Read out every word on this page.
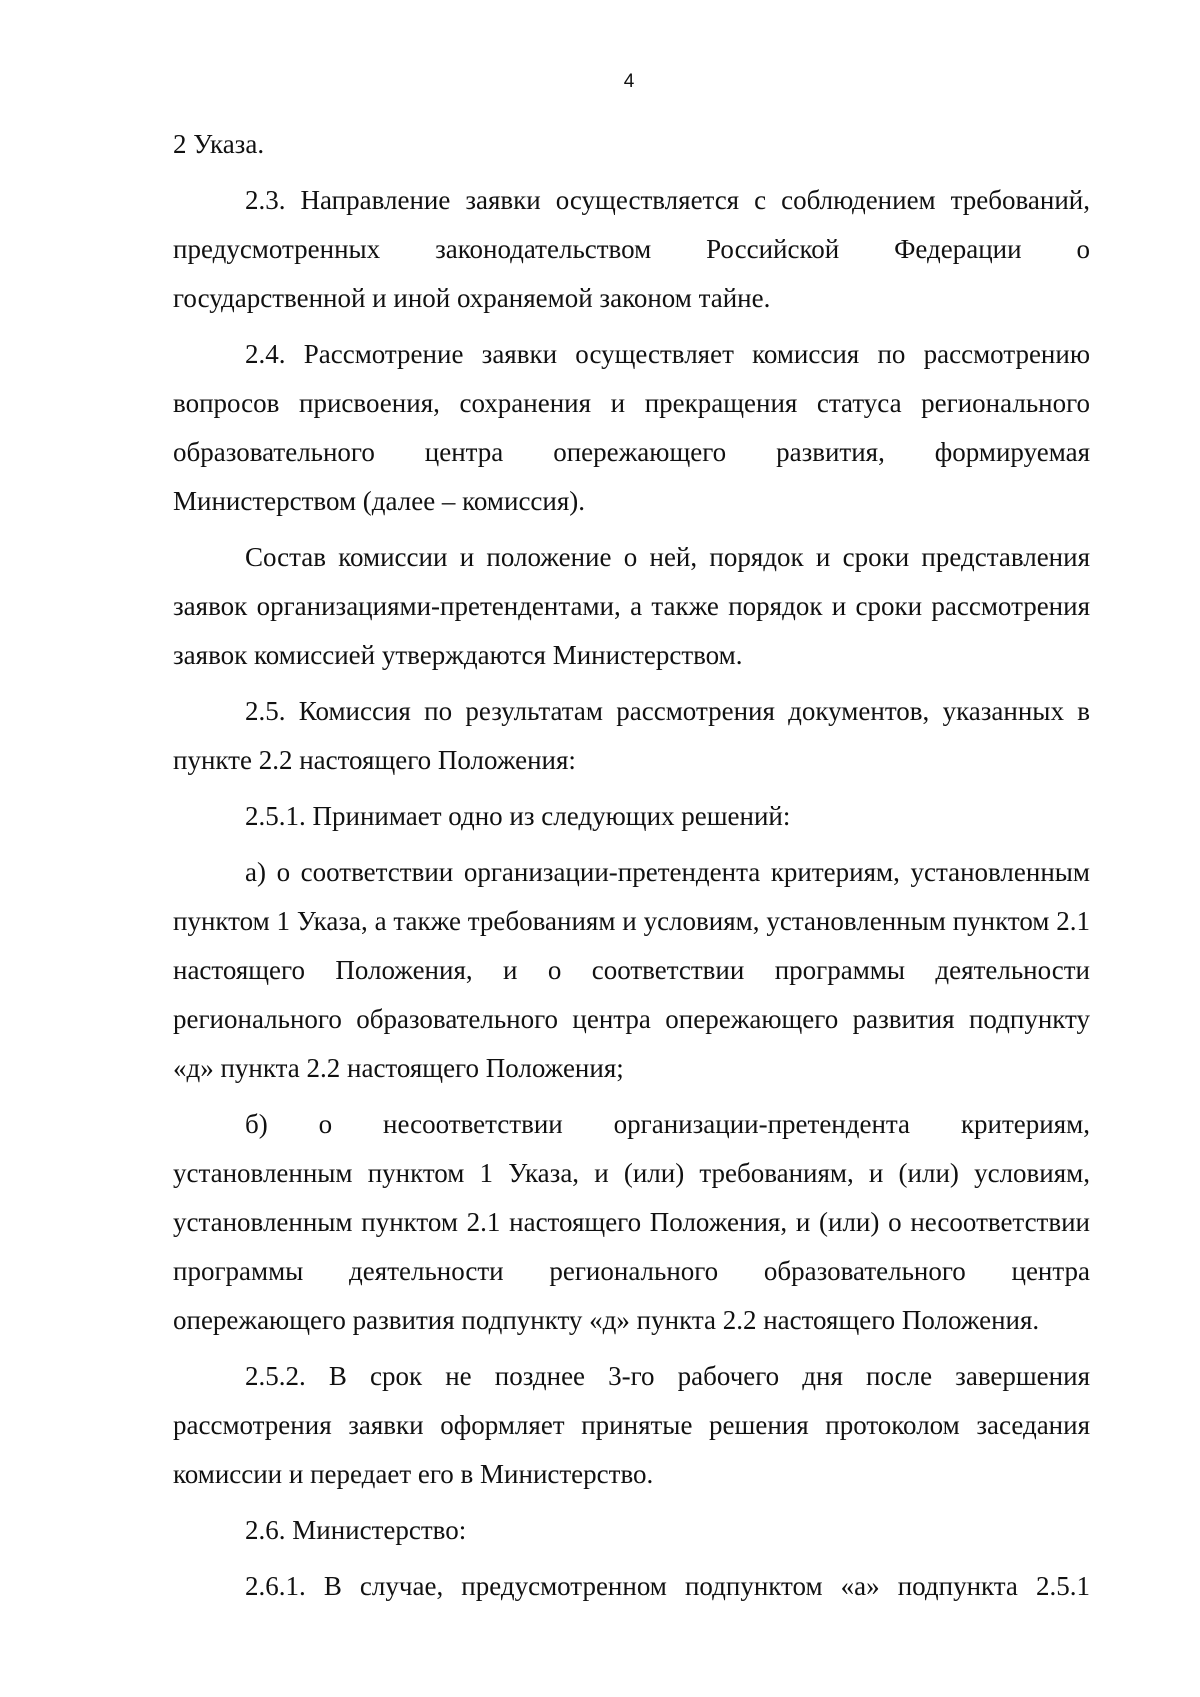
4

2 Указа.

2.3. Направление заявки осуществляется с соблюдением требований, предусмотренных законодательством Российской Федерации о государственной и иной охраняемой законом тайне.

2.4. Рассмотрение заявки осуществляет комиссия по рассмотрению вопросов присвоения, сохранения и прекращения статуса регионального образовательного центра опережающего развития, формируемая Министерством (далее – комиссия).

Состав комиссии и положение о ней, порядок и сроки представления заявок организациями-претендентами, а также порядок и сроки рассмотрения заявок комиссией утверждаются Министерством.

2.5. Комиссия по результатам рассмотрения документов, указанных в пункте 2.2 настоящего Положения:

2.5.1. Принимает одно из следующих решений:

а) о соответствии организации-претендента критериям, установленным пунктом 1 Указа, а также требованиям и условиям, установленным пунктом 2.1 настоящего Положения, и о соответствии программы деятельности регионального образовательного центра опережающего развития подпункту «д» пункта 2.2 настоящего Положения;

б) о несоответствии организации-претендента критериям, установленным пунктом 1 Указа, и (или) требованиям, и (или) условиям, установленным пунктом 2.1 настоящего Положения, и (или) о несоответствии программы деятельности регионального образовательного центра опережающего развития подпункту «д» пункта 2.2 настоящего Положения.

2.5.2. В срок не позднее 3-го рабочего дня после завершения рассмотрения заявки оформляет принятые решения протоколом заседания комиссии и передает его в Министерство.

2.6. Министерство:

2.6.1. В случае, предусмотренном подпунктом «а» подпункта 2.5.1
